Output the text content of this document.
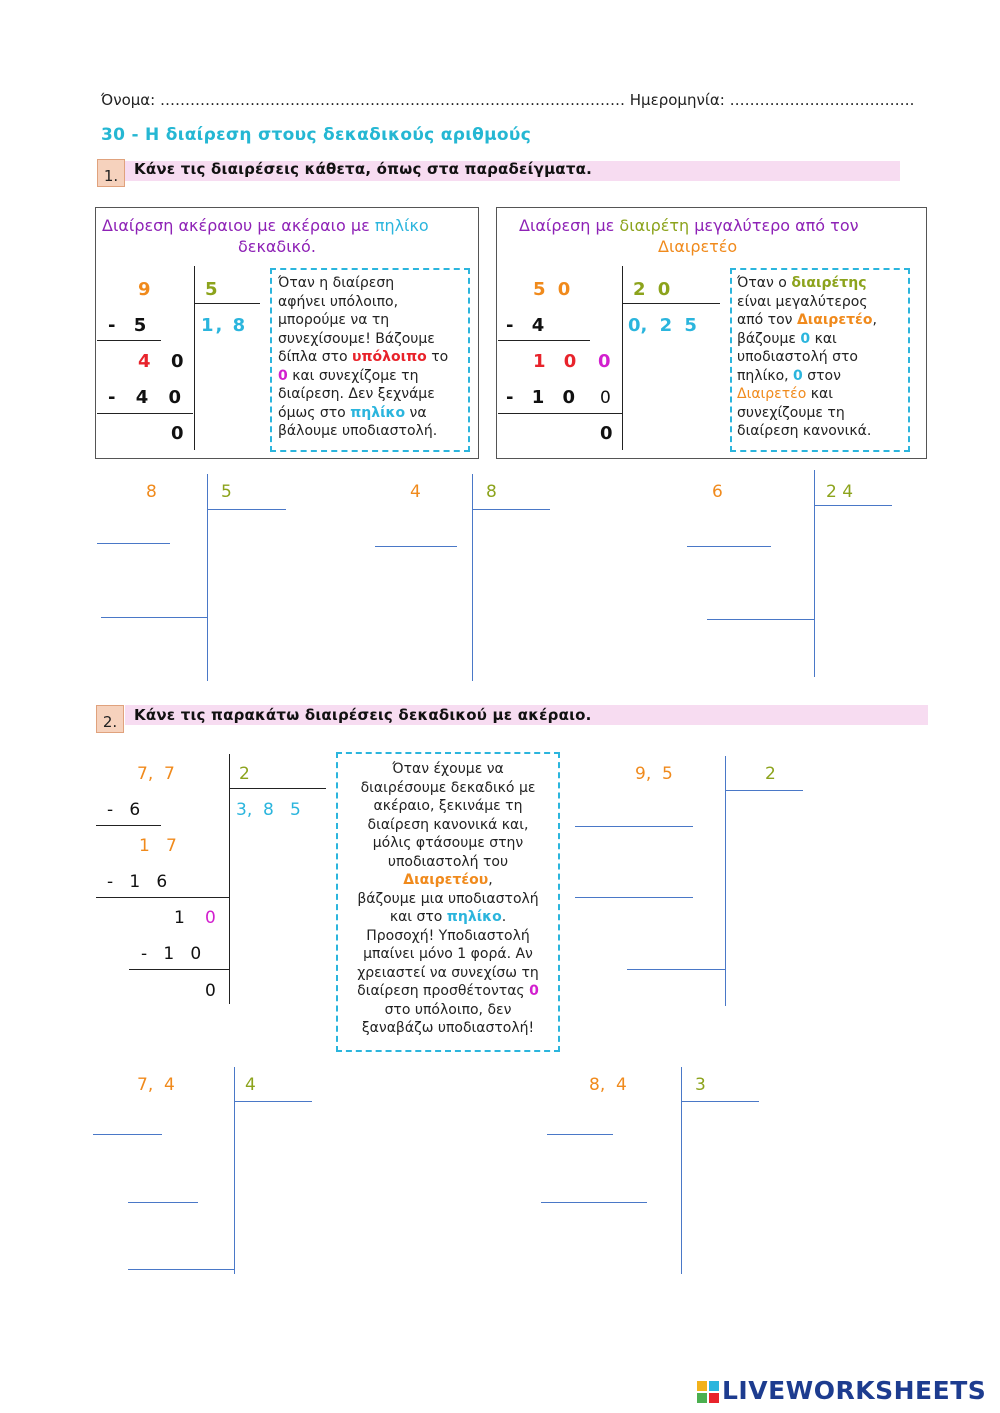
Όνομα: ………………………………………………………………………………… Ημερομηνία: ……………………………….
30 - Η διαίρεση στους δεκαδικούς αριθμούς
1.	Κάνε τις διαιρέσεις κάθετα, όπως στα παραδείγματα.
Διαίρεση ακέραιου με ακέραιο με πηλίκο
δεκαδικό.
9	5
1, 8
- 5
4 0
- 4 0
0
Όταν η διαίρεση
αφήνει υπόλοιπο,
μπορούμε να τη
συνεχίσουμε! Βάζουμε
δίπλα στο υπόλοιπο το
0 και συνεχίζομε τη
διαίρεση. Δεν ξεχνάμε
όμως στο πηλίκο να
βάλουμε υποδιαστολή.
Διαίρεση με διαιρέτη μεγαλύτερο από τον
Διαιρετέο
5 0	2 0
0, 2 5
- 4
1 0 0
- 1 0 0
0
Όταν ο διαιρέτης
είναι μεγαλύτερος
από τον Διαιρετέο,
βάζουμε 0 και
υποδιαστολή στο
πηλίκο, 0 στον
Διαιρετέο και
συνεχίζουμε τη
διαίρεση κανονικά.
8	5	4	8	6	2 4
2.	Κάνε τις παρακάτω διαιρέσεις δεκαδικού με ακέραιο.
7,  7	2
3,  8   5
-   6
1   7
-   1   6
1 0
-   1   0
0
Όταν έχουμε να
διαιρέσουμε δεκαδικό με
ακέραιο, ξεκινάμε τη
διαίρεση κανονικά και,
μόλις φτάσουμε στην
υποδιαστολή του
Διαιρετέου,
βάζουμε μια υποδιαστολή
και στο πηλίκο.
Προσοχή! Υποδιαστολή
μπαίνει μόνο 1 φορά. Αν
χρειαστεί να συνεχίσω τη
διαίρεση προσθέτοντας 0
στο υπόλοιπο, δεν
ξαναβάζω υποδιαστολή!
9,  5	2
7,  4	4	8,  4	3
LIVEWORKSHEETS
